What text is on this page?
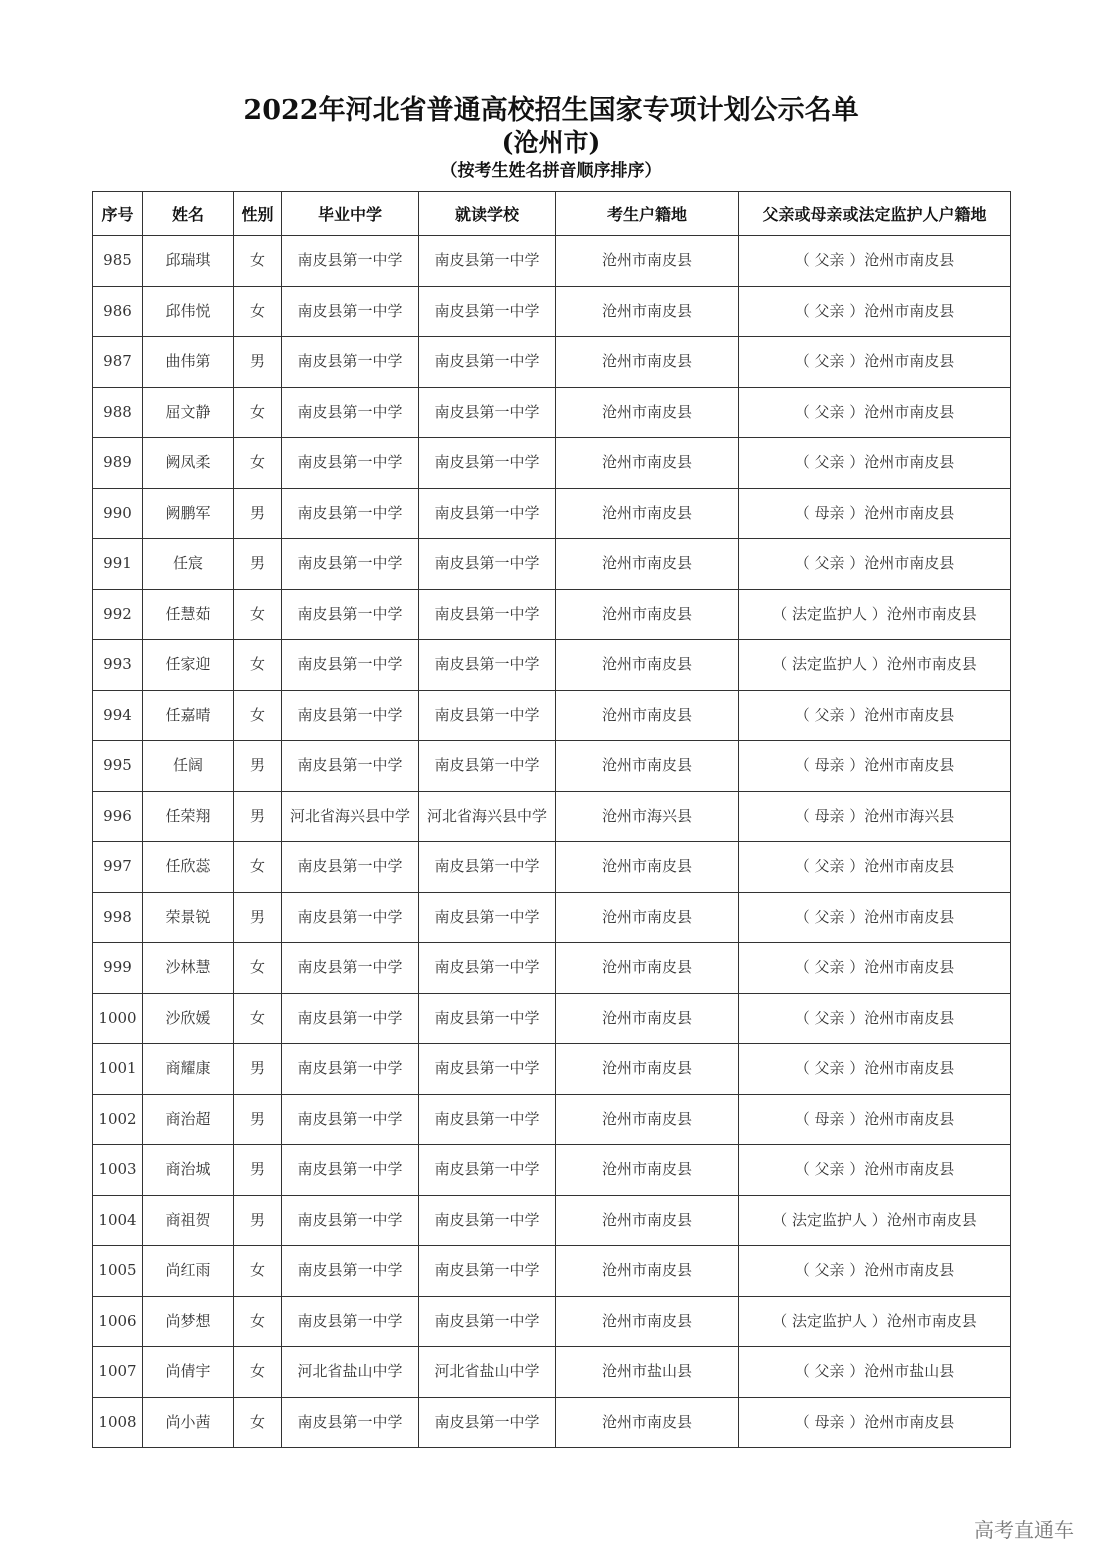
2022年河北省普通高校招生国家专项计划公示名单
(沧州市)
（按考生姓名拼音顺序排序）
序号	姓名	性别	毕业中学	就读学校	考生户籍地	父亲或母亲或法定监护人户籍地
985	邱瑞琪	女	南皮县第一中学	南皮县第一中学	沧州市南皮县	（ 父亲 ）沧州市南皮县
986	邱伟悦	女	南皮县第一中学	南皮县第一中学	沧州市南皮县	（ 父亲 ）沧州市南皮县
987	曲伟第	男	南皮县第一中学	南皮县第一中学	沧州市南皮县	（ 父亲 ）沧州市南皮县
988	屈文静	女	南皮县第一中学	南皮县第一中学	沧州市南皮县	（ 父亲 ）沧州市南皮县
989	阙凤柔	女	南皮县第一中学	南皮县第一中学	沧州市南皮县	（ 父亲 ）沧州市南皮县
990	阙鹏军	男	南皮县第一中学	南皮县第一中学	沧州市南皮县	（ 母亲 ）沧州市南皮县
991	任宸	男	南皮县第一中学	南皮县第一中学	沧州市南皮县	（ 父亲 ）沧州市南皮县
992	任慧茹	女	南皮县第一中学	南皮县第一中学	沧州市南皮县	（ 法定监护人 ）沧州市南皮县
993	任家迎	女	南皮县第一中学	南皮县第一中学	沧州市南皮县	（ 法定监护人 ）沧州市南皮县
994	任嘉晴	女	南皮县第一中学	南皮县第一中学	沧州市南皮县	（ 父亲 ）沧州市南皮县
995	任阔	男	南皮县第一中学	南皮县第一中学	沧州市南皮县	（ 母亲 ）沧州市南皮县
996	任荣翔	男	河北省海兴县中学	河北省海兴县中学	沧州市海兴县	（ 母亲 ）沧州市海兴县
997	任欣蕊	女	南皮县第一中学	南皮县第一中学	沧州市南皮县	（ 父亲 ）沧州市南皮县
998	荣景锐	男	南皮县第一中学	南皮县第一中学	沧州市南皮县	（ 父亲 ）沧州市南皮县
999	沙林慧	女	南皮县第一中学	南皮县第一中学	沧州市南皮县	（ 父亲 ）沧州市南皮县
1000	沙欣媛	女	南皮县第一中学	南皮县第一中学	沧州市南皮县	（ 父亲 ）沧州市南皮县
1001	商耀康	男	南皮县第一中学	南皮县第一中学	沧州市南皮县	（ 父亲 ）沧州市南皮县
1002	商治超	男	南皮县第一中学	南皮县第一中学	沧州市南皮县	（ 母亲 ）沧州市南皮县
1003	商治城	男	南皮县第一中学	南皮县第一中学	沧州市南皮县	（ 父亲 ）沧州市南皮县
1004	商祖贺	男	南皮县第一中学	南皮县第一中学	沧州市南皮县	（ 法定监护人 ）沧州市南皮县
1005	尚红雨	女	南皮县第一中学	南皮县第一中学	沧州市南皮县	（ 父亲 ）沧州市南皮县
1006	尚梦想	女	南皮县第一中学	南皮县第一中学	沧州市南皮县	（ 法定监护人 ）沧州市南皮县
1007	尚倩宇	女	河北省盐山中学	河北省盐山中学	沧州市盐山县	（ 父亲 ）沧州市盐山县
1008	尚小茜	女	南皮县第一中学	南皮县第一中学	沧州市南皮县	（ 母亲 ）沧州市南皮县
高考直通车
